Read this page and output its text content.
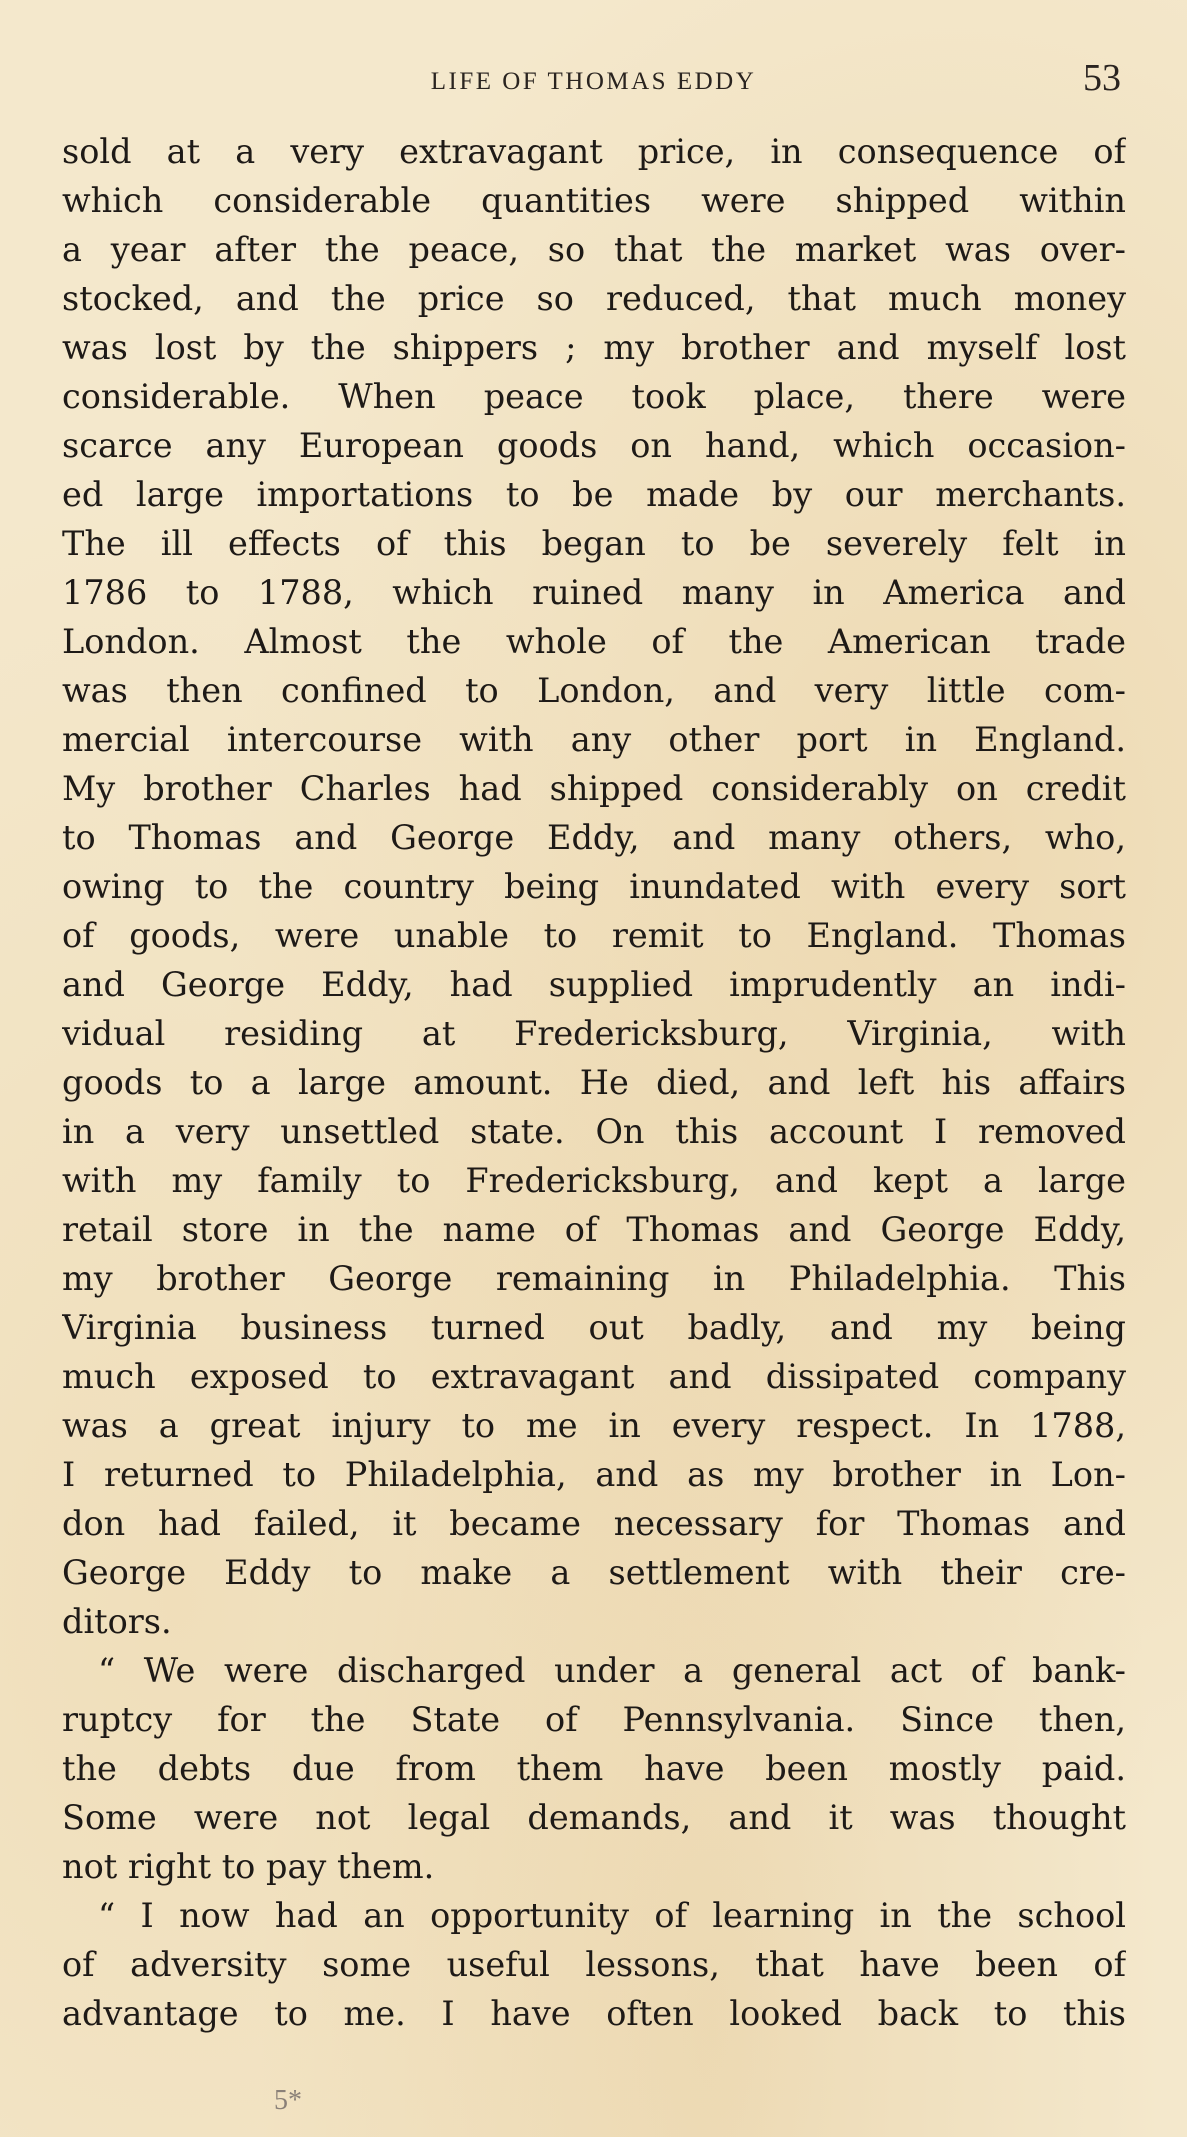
LIFE OF THOMAS EDDY	53
sold at a very extravagant price, in consequence of
which considerable quantities were shipped within
a year after the peace, so that the market was over-
stocked, and the price so reduced, that much money
was lost by the shippers ; my brother and myself lost
considerable. When peace took place, there were
scarce any European goods on hand, which occasion-
ed large importations to be made by our merchants.
The ill effects of this began to be severely felt in
1786 to 1788, which ruined many in America and
London. Almost the whole of the American trade
was then confined to London, and very little com-
mercial intercourse with any other port in England.
My brother Charles had shipped considerably on credit
to Thomas and George Eddy, and many others, who,
owing to the country being inundated with every sort
of goods, were unable to remit to England. Thomas
and George Eddy, had supplied imprudently an indi-
vidual residing at Fredericksburg, Virginia, with
goods to a large amount. He died, and left his affairs
in a very unsettled state. On this account I removed
with my family to Fredericksburg, and kept a large
retail store in the name of Thomas and George Eddy,
my brother George remaining in Philadelphia. This
Virginia business turned out badly, and my being
much exposed to extravagant and dissipated company
was a great injury to me in every respect. In 1788,
I returned to Philadelphia, and as my brother in Lon-
don had failed, it became necessary for Thomas and
George Eddy to make a settlement with their cre-
ditors.
“ We were discharged under a general act of bank-
ruptcy for the State of Pennsylvania. Since then,
the debts due from them have been mostly paid.
Some were not legal demands, and it was thought
not right to pay them.
“ I now had an opportunity of learning in the school
of adversity some useful lessons, that have been of
advantage to me. I have often looked back to this
5*
